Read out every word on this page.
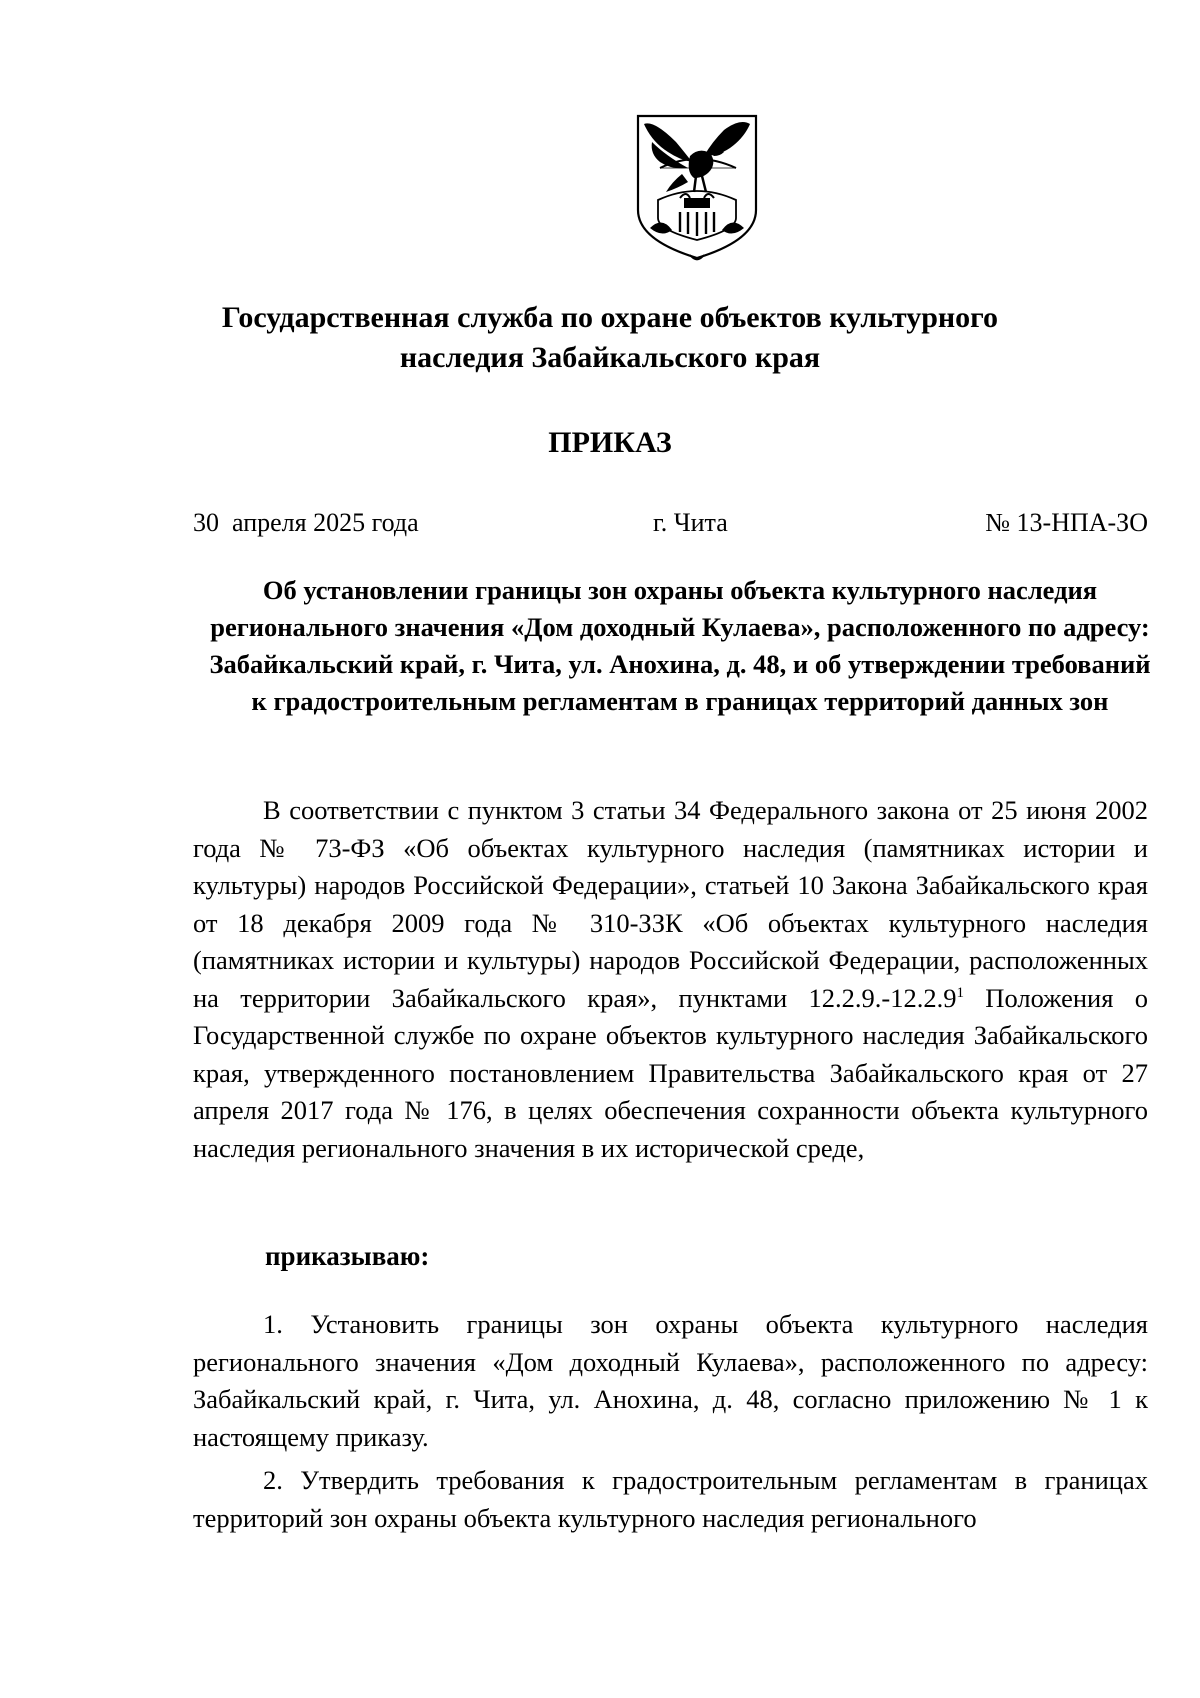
Государственная служба по охране объектов культурного
наследия Забайкальского края
ПРИКАЗ
30  апреля 2025 года	г. Чита	№ 13-НПА-ЗО
Об установлении границы зон охраны объекта культурного наследия регионального значения «Дом доходный Кулаева», расположенного по адресу: Забайкальский край, г. Чита, ул. Анохина, д. 48, и об утверждении требований к градостроительным регламентам в границах территорий данных зон

В соответствии с пунктом 3 статьи 34 Федерального закона от 25 июня 2002 года № 73-ФЗ «Об объектах культурного наследия (памятниках истории и культуры) народов Российской Федерации», статьей 10 Закона Забайкальского края от 18 декабря 2009 года № 310-ЗЗК «Об объектах культурного наследия (памятниках истории и культуры) народов Российской Федерации, расположенных на территории Забайкальского края», пунктами 12.2.9.-12.2.9$^1$ Положения о Государственной службе по охране объектов культурного наследия Забайкальского края, утвержденного постановлением Правительства Забайкальского края от 27 апреля 2017 года № 176, в целях обеспечения сохранности объекта культурного наследия регионального значения в их исторической среде,

приказываю:

1. Установить границы зон охраны объекта культурного наследия регионального значения «Дом доходный Кулаева», расположенного по адресу: Забайкальский край, г. Чита, ул. Анохина, д. 48, согласно приложению № 1 к настоящему приказу.

2. Утвердить требования к градостроительным регламентам в границах территорий зон охраны объекта культурного наследия регионального
